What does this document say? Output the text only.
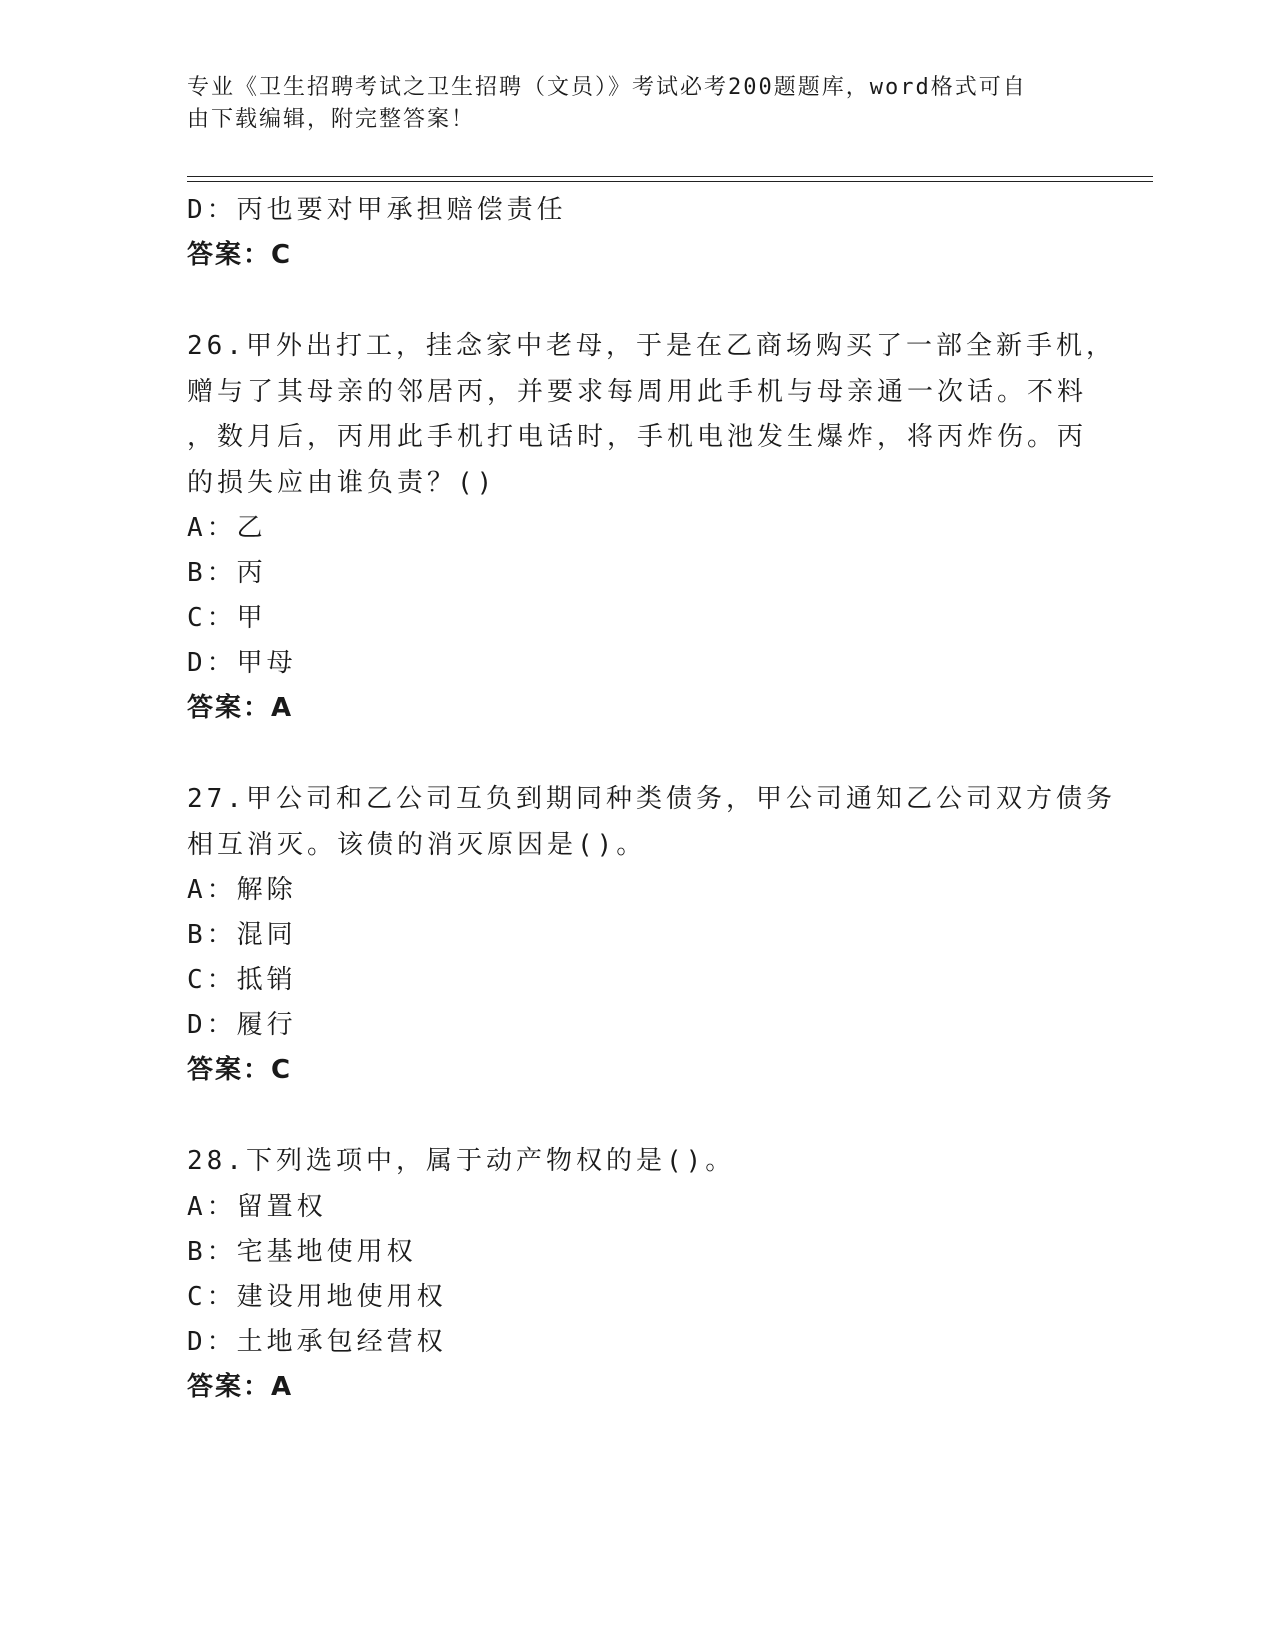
专业《卫生招聘考试之卫生招聘（文员）》考试必考200题题库，word格式可自
由下载编辑，附完整答案！
D：丙也要对甲承担赔偿责任
答案：C
26.甲外出打工，挂念家中老母，于是在乙商场购买了一部全新手机，
赠与了其母亲的邻居丙，并要求每周用此手机与母亲通一次话。不料
，数月后，丙用此手机打电话时，手机电池发生爆炸，将丙炸伤。丙
的损失应由谁负责？()
A：乙
B：丙
C：甲
D：甲母
答案：A
27.甲公司和乙公司互负到期同种类债务，甲公司通知乙公司双方债务
相互消灭。该债的消灭原因是()。
A：解除
B：混同
C：抵销
D：履行
答案：C
28.下列选项中，属于动产物权的是()。
A：留置权
B：宅基地使用权
C：建设用地使用权
D：土地承包经营权
答案：A
